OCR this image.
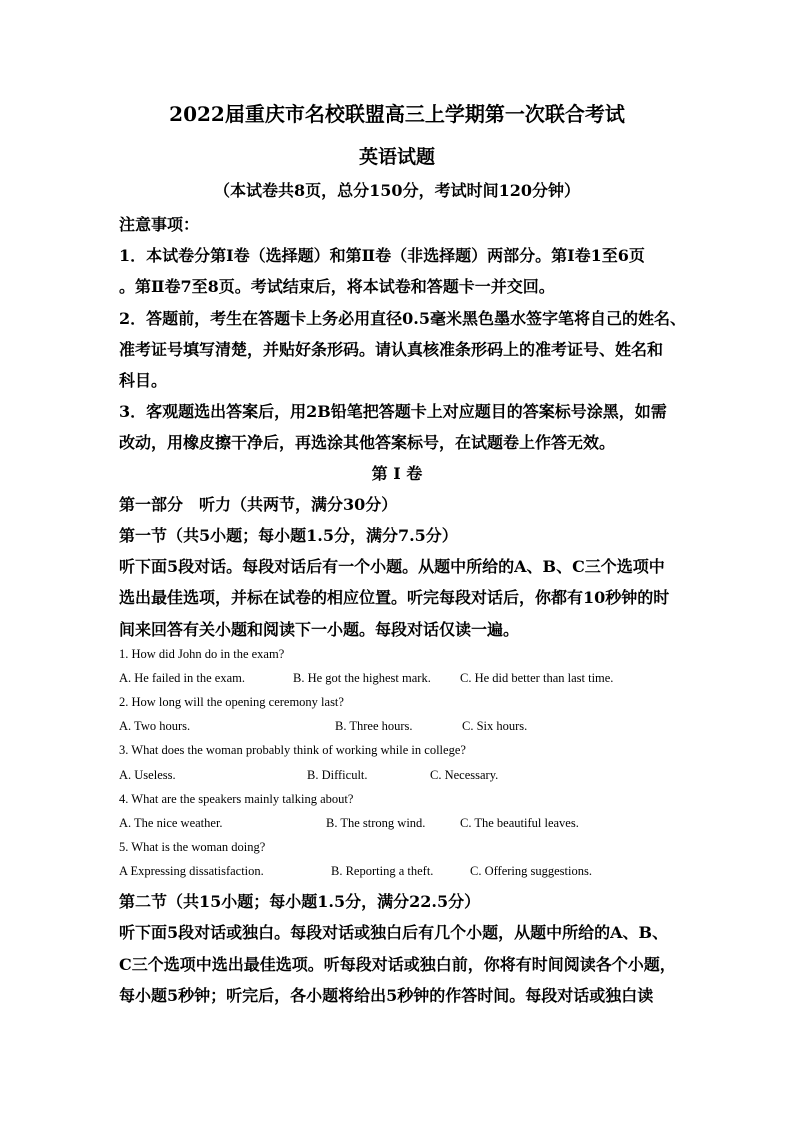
2022届重庆市名校联盟高三上学期第一次联合考试
英语试题
（本试卷共8页，总分150分，考试时间120分钟）
注意事项：
1．本试卷分第Ⅰ卷（选择题）和第Ⅱ卷（非选择题）两部分。第Ⅰ卷1至6页
。第Ⅱ卷7至8页。考试结束后，将本试卷和答题卡一并交回。
2．答题前，考生在答题卡上务必用直径0.5毫米黑色墨水签字笔将自己的姓名、
准考证号填写清楚，并贴好条形码。请认真核准条形码上的准考证号、姓名和
科目。
3．客观题选出答案后，用2B铅笔把答题卡上对应题目的答案标号涂黑，如需
改动，用橡皮擦干净后，再选涂其他答案标号，在试题卷上作答无效。
第 Ⅰ 卷
第一部分　听力（共两节，满分30分）
第一节（共5小题；每小题1.5分，满分7.5分）
听下面5段对话。每段对话后有一个小题。从题中所给的A、B、C三个选项中
选出最佳选项，并标在试卷的相应位置。听完每段对话后，你都有10秒钟的时
间来回答有关小题和阅读下一小题。每段对话仅读一遍。
1. How did John do in the exam?
A. He failed in the exam.	B. He got the highest mark. C. He did better than last time.
2. How long will the opening ceremony last?
A. Two hours.	B. Three hours.	C. Six hours.
3. What does the woman probably think of working while in college?
A. Useless.	B. Difficult.	C. Necessary.
4. What are the speakers mainly talking about?
A. The nice weather.	B. The strong wind.	C. The beautiful leaves.
5. What is the woman doing?
A Expressing dissatisfaction.	B. Reporting a theft.	C. Offering suggestions.
第二节（共15小题；每小题1.5分，满分22.5分）
听下面5段对话或独白。每段对话或独白后有几个小题，从题中所给的A、B、
C三个选项中选出最佳选项。听每段对话或独白前，你将有时间阅读各个小题，
每小题5秒钟；听完后，各小题将给出5秒钟的作答时间。每段对话或独白读
